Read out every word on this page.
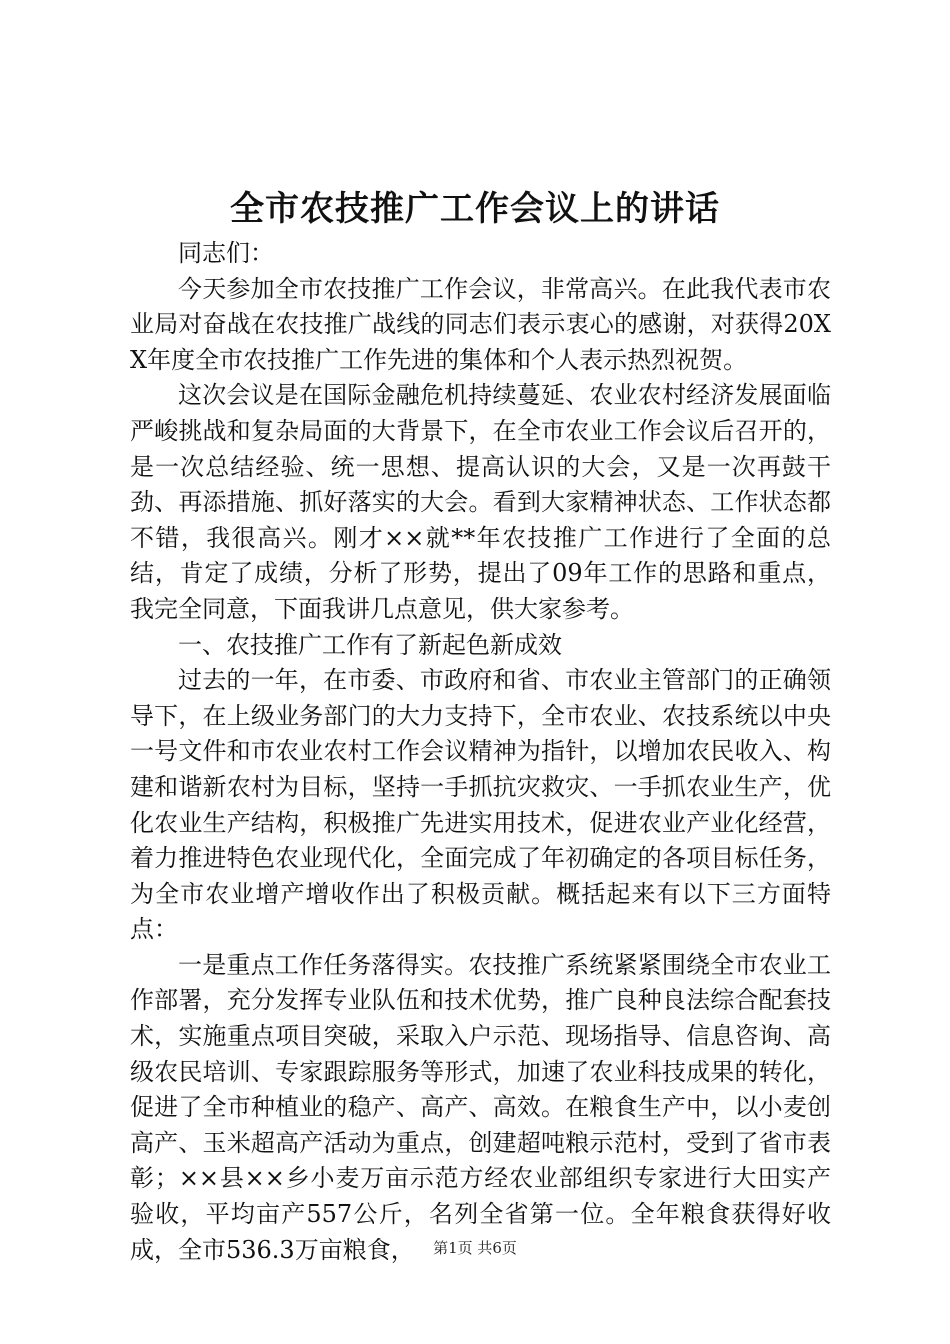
全市农技推广工作会议上的讲话

同志们：

今天参加全市农技推广工作会议，非常高兴。在此我代表市农业局对奋战在农技推广战线的同志们表示衷心的感谢，对获得20XX年度全市农技推广工作先进的集体和个人表示热烈祝贺。

这次会议是在国际金融危机持续蔓延、农业农村经济发展面临严峻挑战和复杂局面的大背景下，在全市农业工作会议后召开的，是一次总结经验、统一思想、提高认识的大会，又是一次再鼓干劲、再添措施、抓好落实的大会。看到大家精神状态、工作状态都不错，我很高兴。刚才××就**年农技推广工作进行了全面的总结，肯定了成绩，分析了形势，提出了09年工作的思路和重点，我完全同意，下面我讲几点意见，供大家参考。

一、农技推广工作有了新起色新成效

过去的一年，在市委、市政府和省、市农业主管部门的正确领导下，在上级业务部门的大力支持下，全市农业、农技系统以中央一号文件和市农业农村工作会议精神为指针，以增加农民收入、构建和谐新农村为目标，坚持一手抓抗灾救灾、一手抓农业生产，优化农业生产结构，积极推广先进实用技术，促进农业产业化经营，着力推进特色农业现代化，全面完成了年初确定的各项目标任务，为全市农业增产增收作出了积极贡献。概括起来有以下三方面特点：

一是重点工作任务落得实。农技推广系统紧紧围绕全市农业工作部署，充分发挥专业队伍和技术优势，推广良种良法综合配套技术，实施重点项目突破，采取入户示范、现场指导、信息咨询、高级农民培训、专家跟踪服务等形式，加速了农业科技成果的转化，促进了全市种植业的稳产、高产、高效。在粮食生产中，以小麦创高产、玉米超高产活动为重点，创建超吨粮示范村，受到了省市表彰；××县××乡小麦万亩示范方经农业部组织专家进行大田实产验收，平均亩产557公斤，名列全省第一位。全年粮食获得好收成，全市536.3万亩粮食，	第1页 共6页
